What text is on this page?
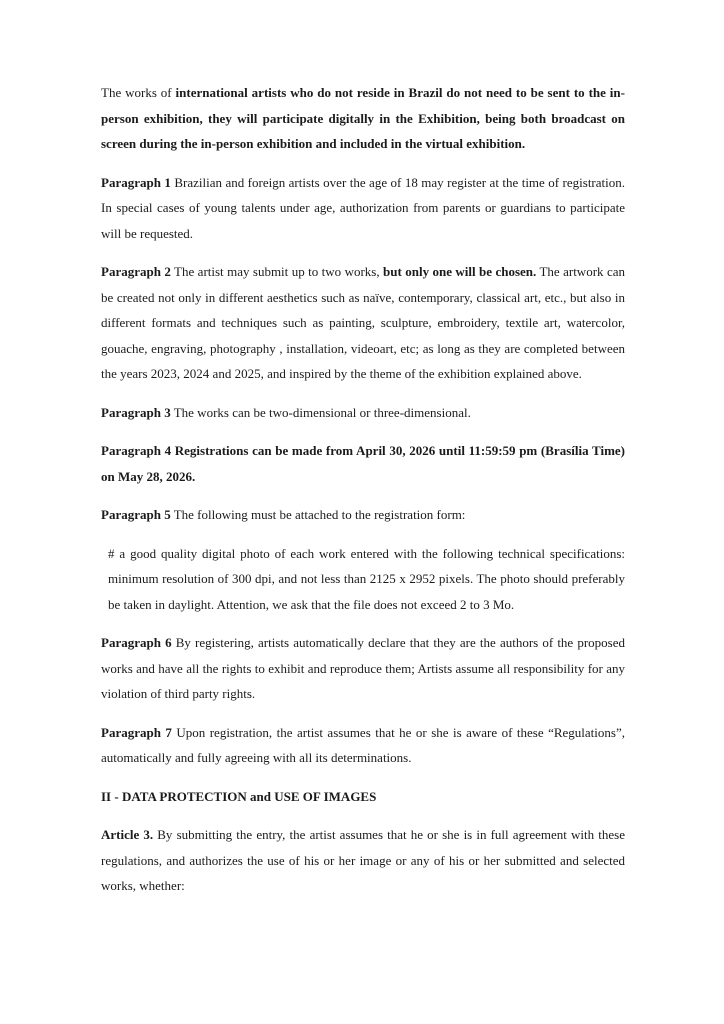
The works of international artists who do not reside in Brazil do not need to be sent to the in-person exhibition, they will participate digitally in the Exhibition, being both broadcast on screen during the in-person exhibition and included in the virtual exhibition.

Paragraph 1 Brazilian and foreign artists over the age of 18 may register at the time of registration. In special cases of young talents under age, authorization from parents or guardians to participate will be requested.

Paragraph 2 The artist may submit up to two works, but only one will be chosen. The artwork can be created not only in different aesthetics such as naïve, contemporary, classical art, etc., but also in different formats and techniques such as painting, sculpture, embroidery, textile art, watercolor, gouache, engraving, photography , installation, videoart, etc; as long as they are completed between the years 2023, 2024 and 2025, and inspired by the theme of the exhibition explained above.

Paragraph 3 The works can be two-dimensional or three-dimensional.

Paragraph 4 Registrations can be made from April 30, 2026 until 11:59:59 pm (Brasília Time) on May 28, 2026.

Paragraph 5 The following must be attached to the registration form:

# a good quality digital photo of each work entered with the following technical specifications: minimum resolution of 300 dpi, and not less than 2125 x 2952 pixels. The photo should preferably be taken in daylight. Attention, we ask that the file does not exceed 2 to 3 Mo.

Paragraph 6 By registering, artists automatically declare that they are the authors of the proposed works and have all the rights to exhibit and reproduce them; Artists assume all responsibility for any violation of third party rights.

Paragraph 7 Upon registration, the artist assumes that he or she is aware of these “Regulations”, automatically and fully agreeing with all its determinations.

II - DATA PROTECTION and USE OF IMAGES

Article 3. By submitting the entry, the artist assumes that he or she is in full agreement with these regulations, and authorizes the use of his or her image or any of his or her submitted and selected works, whether:
